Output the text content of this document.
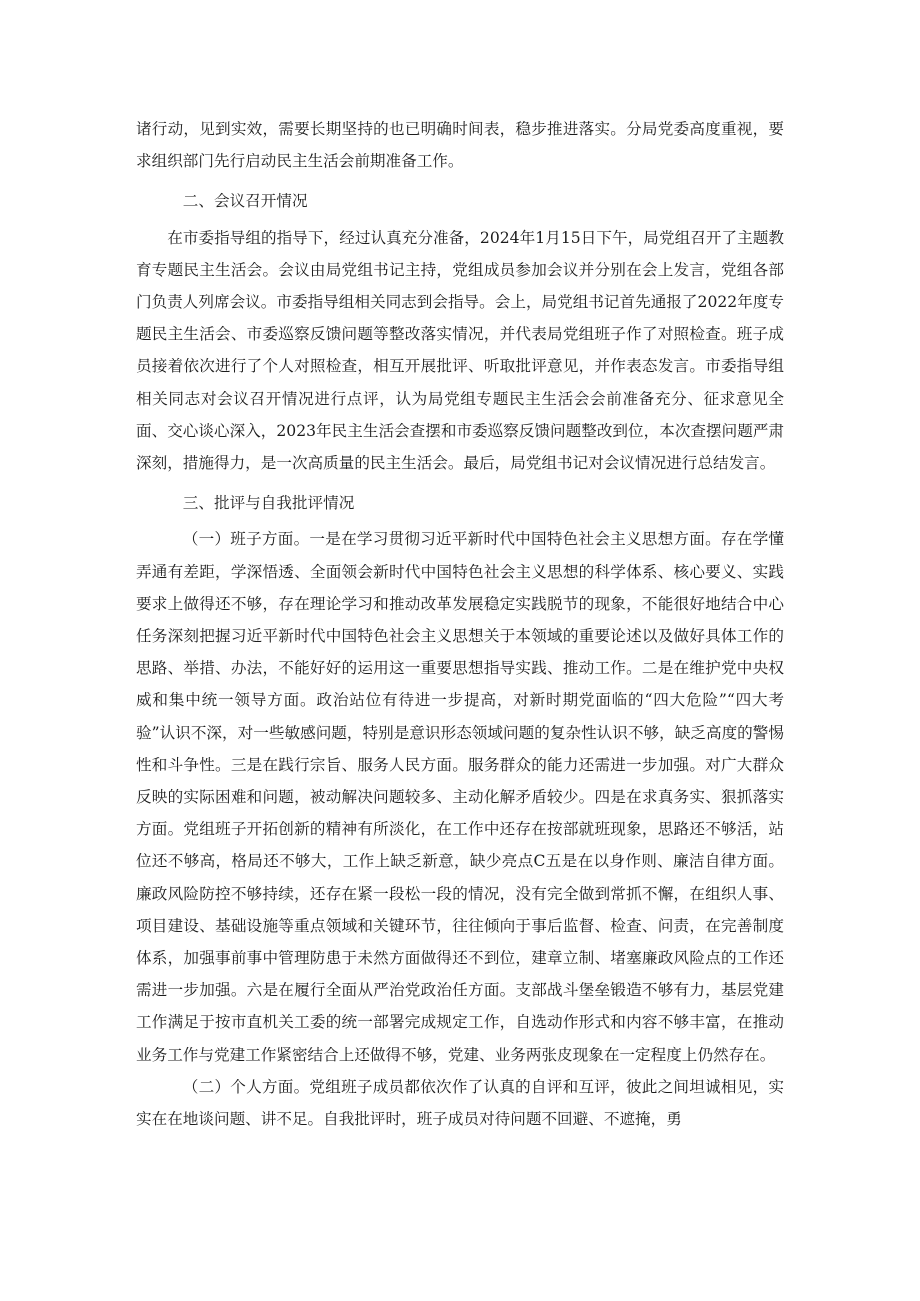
诸行动，见到实效，需要长期坚持的也已明确时间表，稳步推进落实。分局党委高度重视，要求组织部门先行启动民主生活会前期准备工作。

二、会议召开情况

在市委指导组的指导下，经过认真充分准备，2024年1月15日下午，局党组召开了主题教育专题民主生活会。会议由局党组书记主持，党组成员参加会议并分别在会上发言，党组各部门负责人列席会议。市委指导组相关同志到会指导。会上，局党组书记首先通报了2022年度专题民主生活会、市委巡察反馈问题等整改落实情况，并代表局党组班子作了对照检查。班子成员接着依次进行了个人对照检查，相互开展批评、听取批评意见，并作表态发言。市委指导组相关同志对会议召开情况进行点评，认为局党组专题民主生活会会前准备充分、征求意见全面、交心谈心深入，2023年民主生活会查摆和市委巡察反馈问题整改到位，本次查摆问题严肃深刻，措施得力，是一次高质量的民主生活会。最后，局党组书记对会议情况进行总结发言。

三、批评与自我批评情况

（一）班子方面。一是在学习贯彻习近平新时代中国特色社会主义思想方面。存在学懂弄通有差距，学深悟透、全面领会新时代中国特色社会主义思想的科学体系、核心要义、实践要求上做得还不够，存在理论学习和推动改革发展稳定实践脱节的现象，不能很好地结合中心任务深刻把握习近平新时代中国特色社会主义思想关于本领域的重要论述以及做好具体工作的思路、举措、办法，不能好好的运用这一重要思想指导实践、推动工作。二是在维护党中央权威和集中统一领导方面。政治站位有待进一步提高，对新时期党面临的“四大危险”“四大考验”认识不深，对一些敏感问题，特别是意识形态领域问题的复杂性认识不够，缺乏高度的警惕性和斗争性。三是在践行宗旨、服务人民方面。服务群众的能力还需进一步加强。对广大群众反映的实际困难和问题，被动解决问题较多、主动化解矛盾较少。四是在求真务实、狠抓落实方面。党组班子开拓创新的精神有所淡化，在工作中还存在按部就班现象，思路还不够活，站位还不够高，格局还不够大，工作上缺乏新意，缺少亮点C五是在以身作则、廉洁自律方面。廉政风险防控不够持续，还存在紧一段松一段的情况，没有完全做到常抓不懈，在组织人事、项目建设、基础设施等重点领域和关键环节，往往倾向于事后监督、检查、问责，在完善制度体系，加强事前事中管理防患于未然方面做得还不到位，建章立制、堵塞廉政风险点的工作还需进一步加强。六是在履行全面从严治党政治任方面。支部战斗堡垒锻造不够有力，基层党建工作满足于按市直机关工委的统一部署完成规定工作，自选动作形式和内容不够丰富，在推动业务工作与党建工作紧密结合上还做得不够，党建、业务两张皮现象在一定程度上仍然存在。

（二）个人方面。党组班子成员都依次作了认真的自评和互评，彼此之间坦诚相见，实实在在地谈问题、讲不足。自我批评时，班子成员对待问题不回避、不遮掩，勇
